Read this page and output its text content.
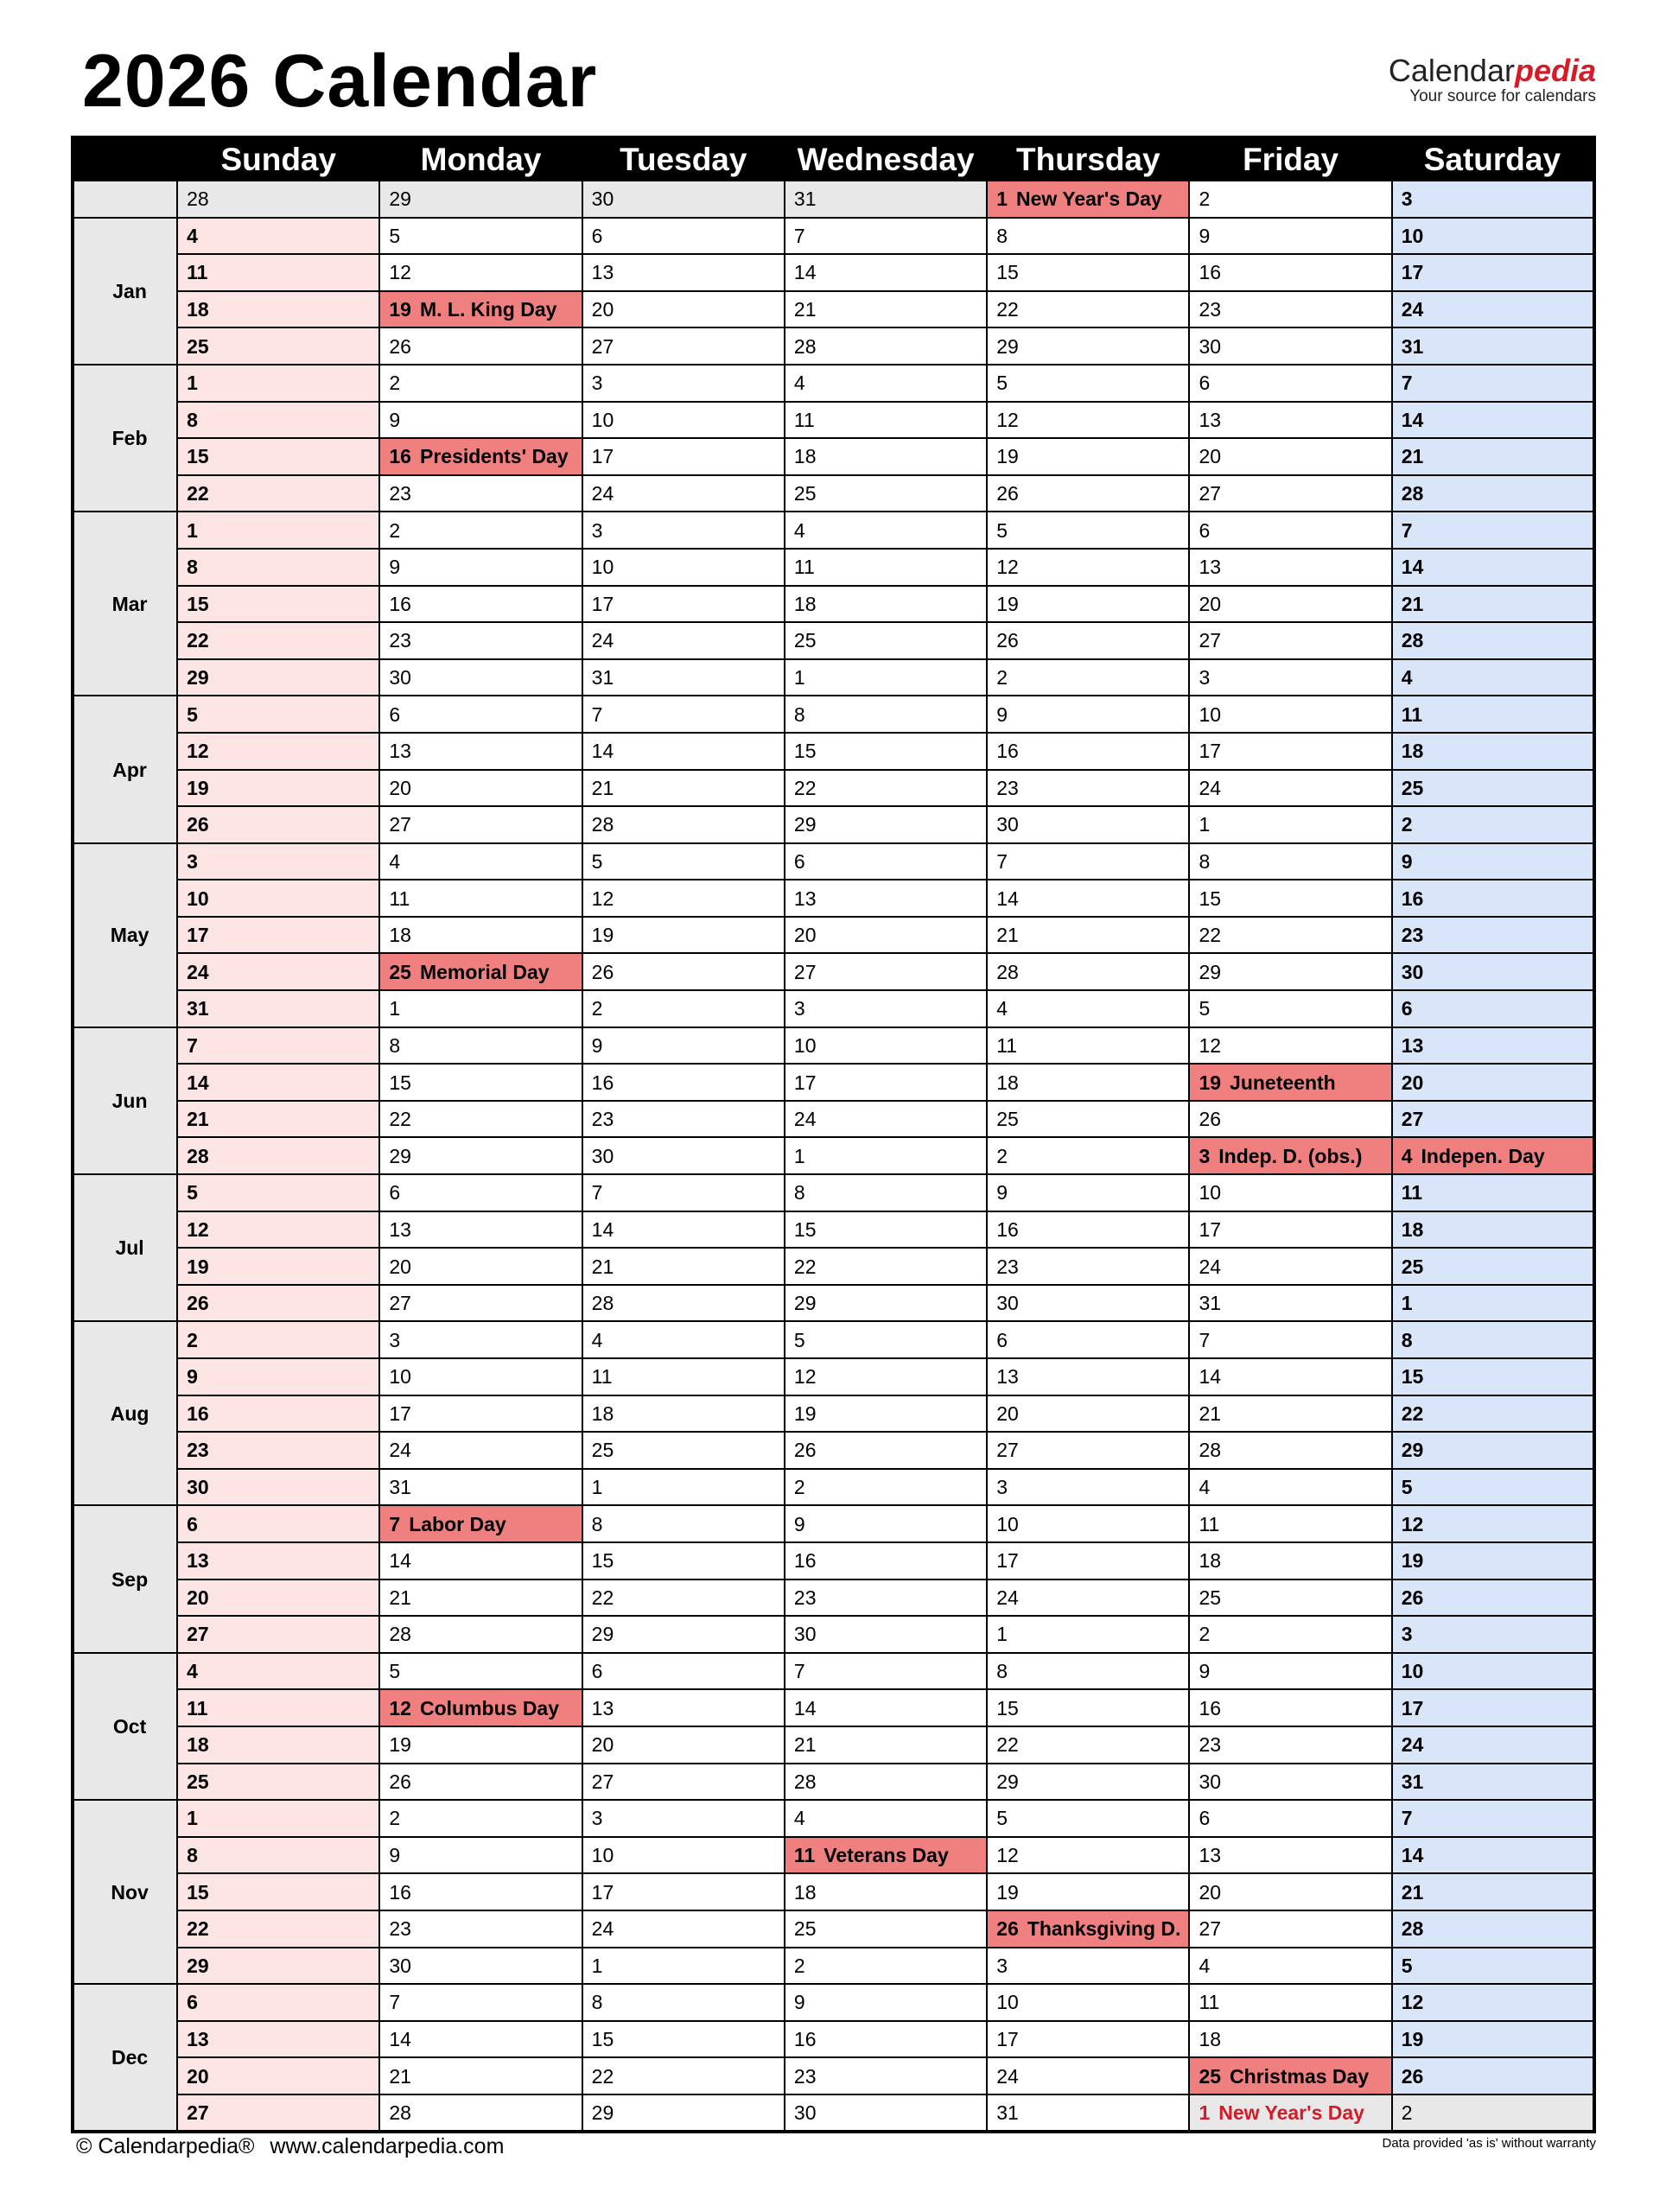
2026 Calendar	Calendarpedia
Your source for calendars
	Sunday	Monday	Tuesday	Wednesday	Thursday	Friday	Saturday
	28	29	30	31	1 New Year's Day	2	3
Jan	4	5	6	7	8	9	10
	11	12	13	14	15	16	17
	18	19 M. L. King Day	20	21	22	23	24
	25	26	27	28	29	30	31
Feb	1	2	3	4	5	6	7
	8	9	10	11	12	13	14
	15	16 Presidents' Day	17	18	19	20	21
	22	23	24	25	26	27	28
Mar	1	2	3	4	5	6	7
	8	9	10	11	12	13	14
	15	16	17	18	19	20	21
	22	23	24	25	26	27	28
	29	30	31	1	2	3	4
Apr	5	6	7	8	9	10	11
	12	13	14	15	16	17	18
	19	20	21	22	23	24	25
	26	27	28	29	30	1	2
May	3	4	5	6	7	8	9
	10	11	12	13	14	15	16
	17	18	19	20	21	22	23
	24	25 Memorial Day	26	27	28	29	30
	31	1	2	3	4	5	6
Jun	7	8	9	10	11	12	13
	14	15	16	17	18	19 Juneteenth	20
	21	22	23	24	25	26	27
	28	29	30	1	2	3 Indep. D. (obs.)	4 Indepen. Day
Jul	5	6	7	8	9	10	11
	12	13	14	15	16	17	18
	19	20	21	22	23	24	25
	26	27	28	29	30	31	1
Aug	2	3	4	5	6	7	8
	9	10	11	12	13	14	15
	16	17	18	19	20	21	22
	23	24	25	26	27	28	29
	30	31	1	2	3	4	5
Sep	6	7 Labor Day	8	9	10	11	12
	13	14	15	16	17	18	19
	20	21	22	23	24	25	26
	27	28	29	30	1	2	3
Oct	4	5	6	7	8	9	10
	11	12 Columbus Day	13	14	15	16	17
	18	19	20	21	22	23	24
	25	26	27	28	29	30	31
Nov	1	2	3	4	5	6	7
	8	9	10	11 Veterans Day	12	13	14
	15	16	17	18	19	20	21
	22	23	24	25	26 Thanksgiving D.	27	28
	29	30	1	2	3	4	5
Dec	6	7	8	9	10	11	12
	13	14	15	16	17	18	19
	20	21	22	23	24	25 Christmas Day	26
	27	28	29	30	31	1 New Year's Day	2
© Calendarpedia® www.calendarpedia.com	Data provided 'as is' without warranty
